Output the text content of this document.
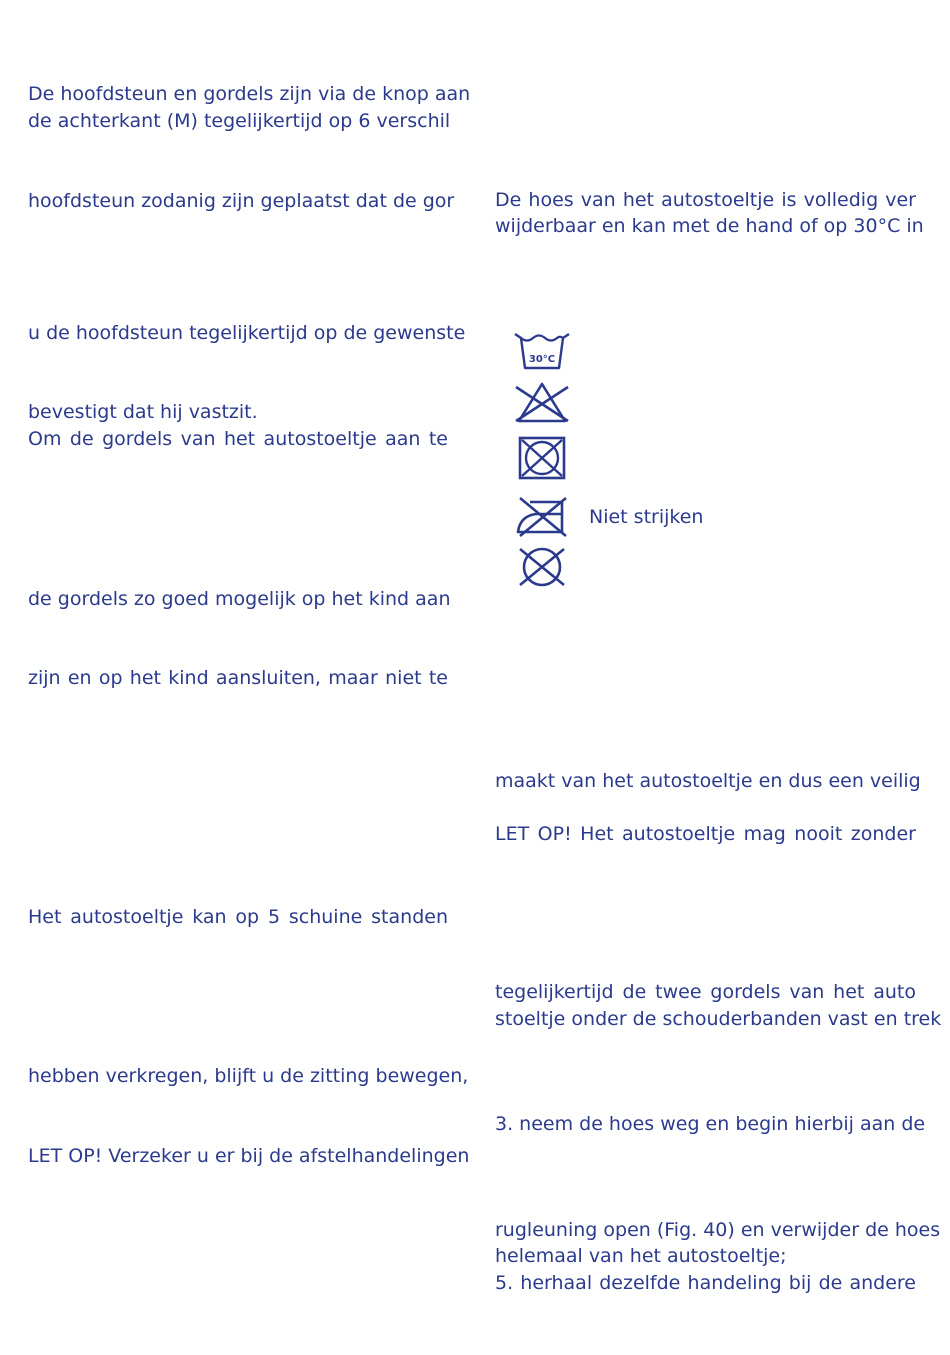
De hoofdsteun en gordels zijn via de knop aan
de achterkant (M) tegelijkertijd op 6 verschil
hoofdsteun zodanig zijn geplaatst dat de gor
u de hoofdsteun tegelijkertijd op de gewenste
bevestigt dat hij vastzit.
Om de gordels van het autostoeltje aan te
de gordels zo goed mogelijk op het kind aan
zijn en op het kind aansluiten, maar niet te
Het autostoeltje kan op 5 schuine standen
hebben verkregen, blijft u de zitting bewegen,
LET OP! Verzeker u er bij de afstelhandelingen
De hoes van het autostoeltje is volledig ver
wijderbaar en kan met de hand of op 30°C in
maakt van het autostoeltje en dus een veilig
LET OP! Het autostoeltje mag nooit zonder
tegelijkertijd de twee gordels van het auto
stoeltje onder de schouderbanden vast en trek
3. neem de hoes weg en begin hierbij aan de
rugleuning open (Fig. 40) en verwijder de hoes
helemaal van het autostoeltje;
5. herhaal dezelfde handeling bij de andere
30°C
Niet strijken
